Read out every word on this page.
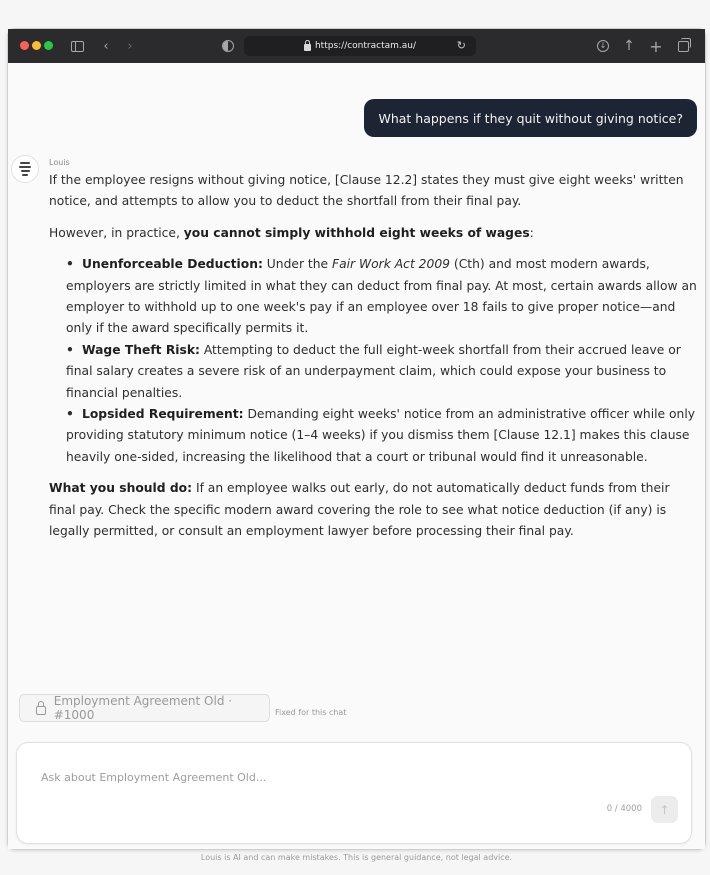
‹ ›	https://contractam.au/	↻	↓ ↑ +
What happens if they quit without giving notice?
Louis

If the employee resigns without giving notice, [Clause 12.2] states they must give eight weeks' written notice, and attempts to allow you to deduct the shortfall from their final pay.

However, in practice, you cannot simply withhold eight weeks of wages:

• Unenforceable Deduction: Under the Fair Work Act 2009 (Cth) and most modern awards, employers are strictly limited in what they can deduct from final pay. At most, certain awards allow an employer to withhold up to one week's pay if an employee over 18 fails to give proper notice—and only if the award specifically permits it.
• Wage Theft Risk: Attempting to deduct the full eight-week shortfall from their accrued leave or final salary creates a severe risk of an underpayment claim, which could expose your business to financial penalties.
• Lopsided Requirement: Demanding eight weeks' notice from an administrative officer while only providing statutory minimum notice (1–4 weeks) if you dismiss them [Clause 12.1] makes this clause heavily one-sided, increasing the likelihood that a court or tribunal would find it unreasonable.

What you should do: If an employee walks out early, do not automatically deduct funds from their final pay. Check the specific modern award covering the role to see what notice deduction (if any) is legally permitted, or consult an employment lawyer before processing their final pay.

Employment Agreement Old · #1000	Fixed for this chat
Ask about Employment Agreement Old...
0 / 4000 ↑
Louis is AI and can make mistakes. This is general guidance, not legal advice.
